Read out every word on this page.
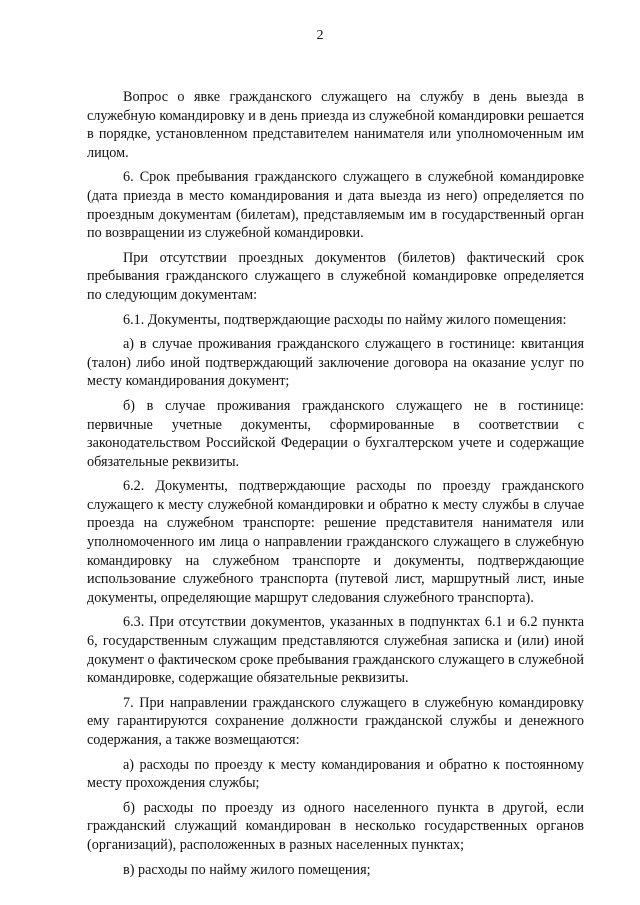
2

Вопрос о явке гражданского служащего на службу в день выезда в служебную командировку и в день приезда из служебной командировки решается в порядке, установленном представителем нанимателя или уполномоченным им лицом.

6. Срок пребывания гражданского служащего в служебной командировке (дата приезда в место командирования и дата выезда из него) определяется по проездным документам (билетам), представляемым им в государственный орган по возвращении из служебной командировки.

При отсутствии проездных документов (билетов) фактический срок пребывания гражданского служащего в служебной командировке определяется по следующим документам:

6.1. Документы, подтверждающие расходы по найму жилого помещения:

а) в случае проживания гражданского служащего в гостинице: квитанция (талон) либо иной подтверждающий заключение договора на оказание услуг по месту командирования документ;

б) в случае проживания гражданского служащего не в гостинице: первичные учетные документы, сформированные в соответствии с законодательством Российской Федерации о бухгалтерском учете и содержащие обязательные реквизиты.

6.2. Документы, подтверждающие расходы по проезду гражданского служащего к месту служебной командировки и обратно к месту службы в случае проезда на служебном транспорте: решение представителя нанимателя или уполномоченного им лица о направлении гражданского служащего в служебную командировку на служебном транспорте и документы, подтверждающие использование служебного транспорта (путевой лист, маршрутный лист, иные документы, определяющие маршрут следования служебного транспорта).

6.3. При отсутствии документов, указанных в подпунктах 6.1 и 6.2 пункта 6, государственным служащим представляются служебная записка и (или) иной документ о фактическом сроке пребывания гражданского служащего в служебной командировке, содержащие обязательные реквизиты.

7. При направлении гражданского служащего в служебную командировку ему гарантируются сохранение должности гражданской службы и денежного содержания, а также возмещаются:

а) расходы по проезду к месту командирования и обратно к постоянному месту прохождения службы;

б) расходы по проезду из одного населенного пункта в другой, если гражданский служащий командирован в несколько государственных органов (организаций), расположенных в разных населенных пунктах;

в) расходы по найму жилого помещения;
